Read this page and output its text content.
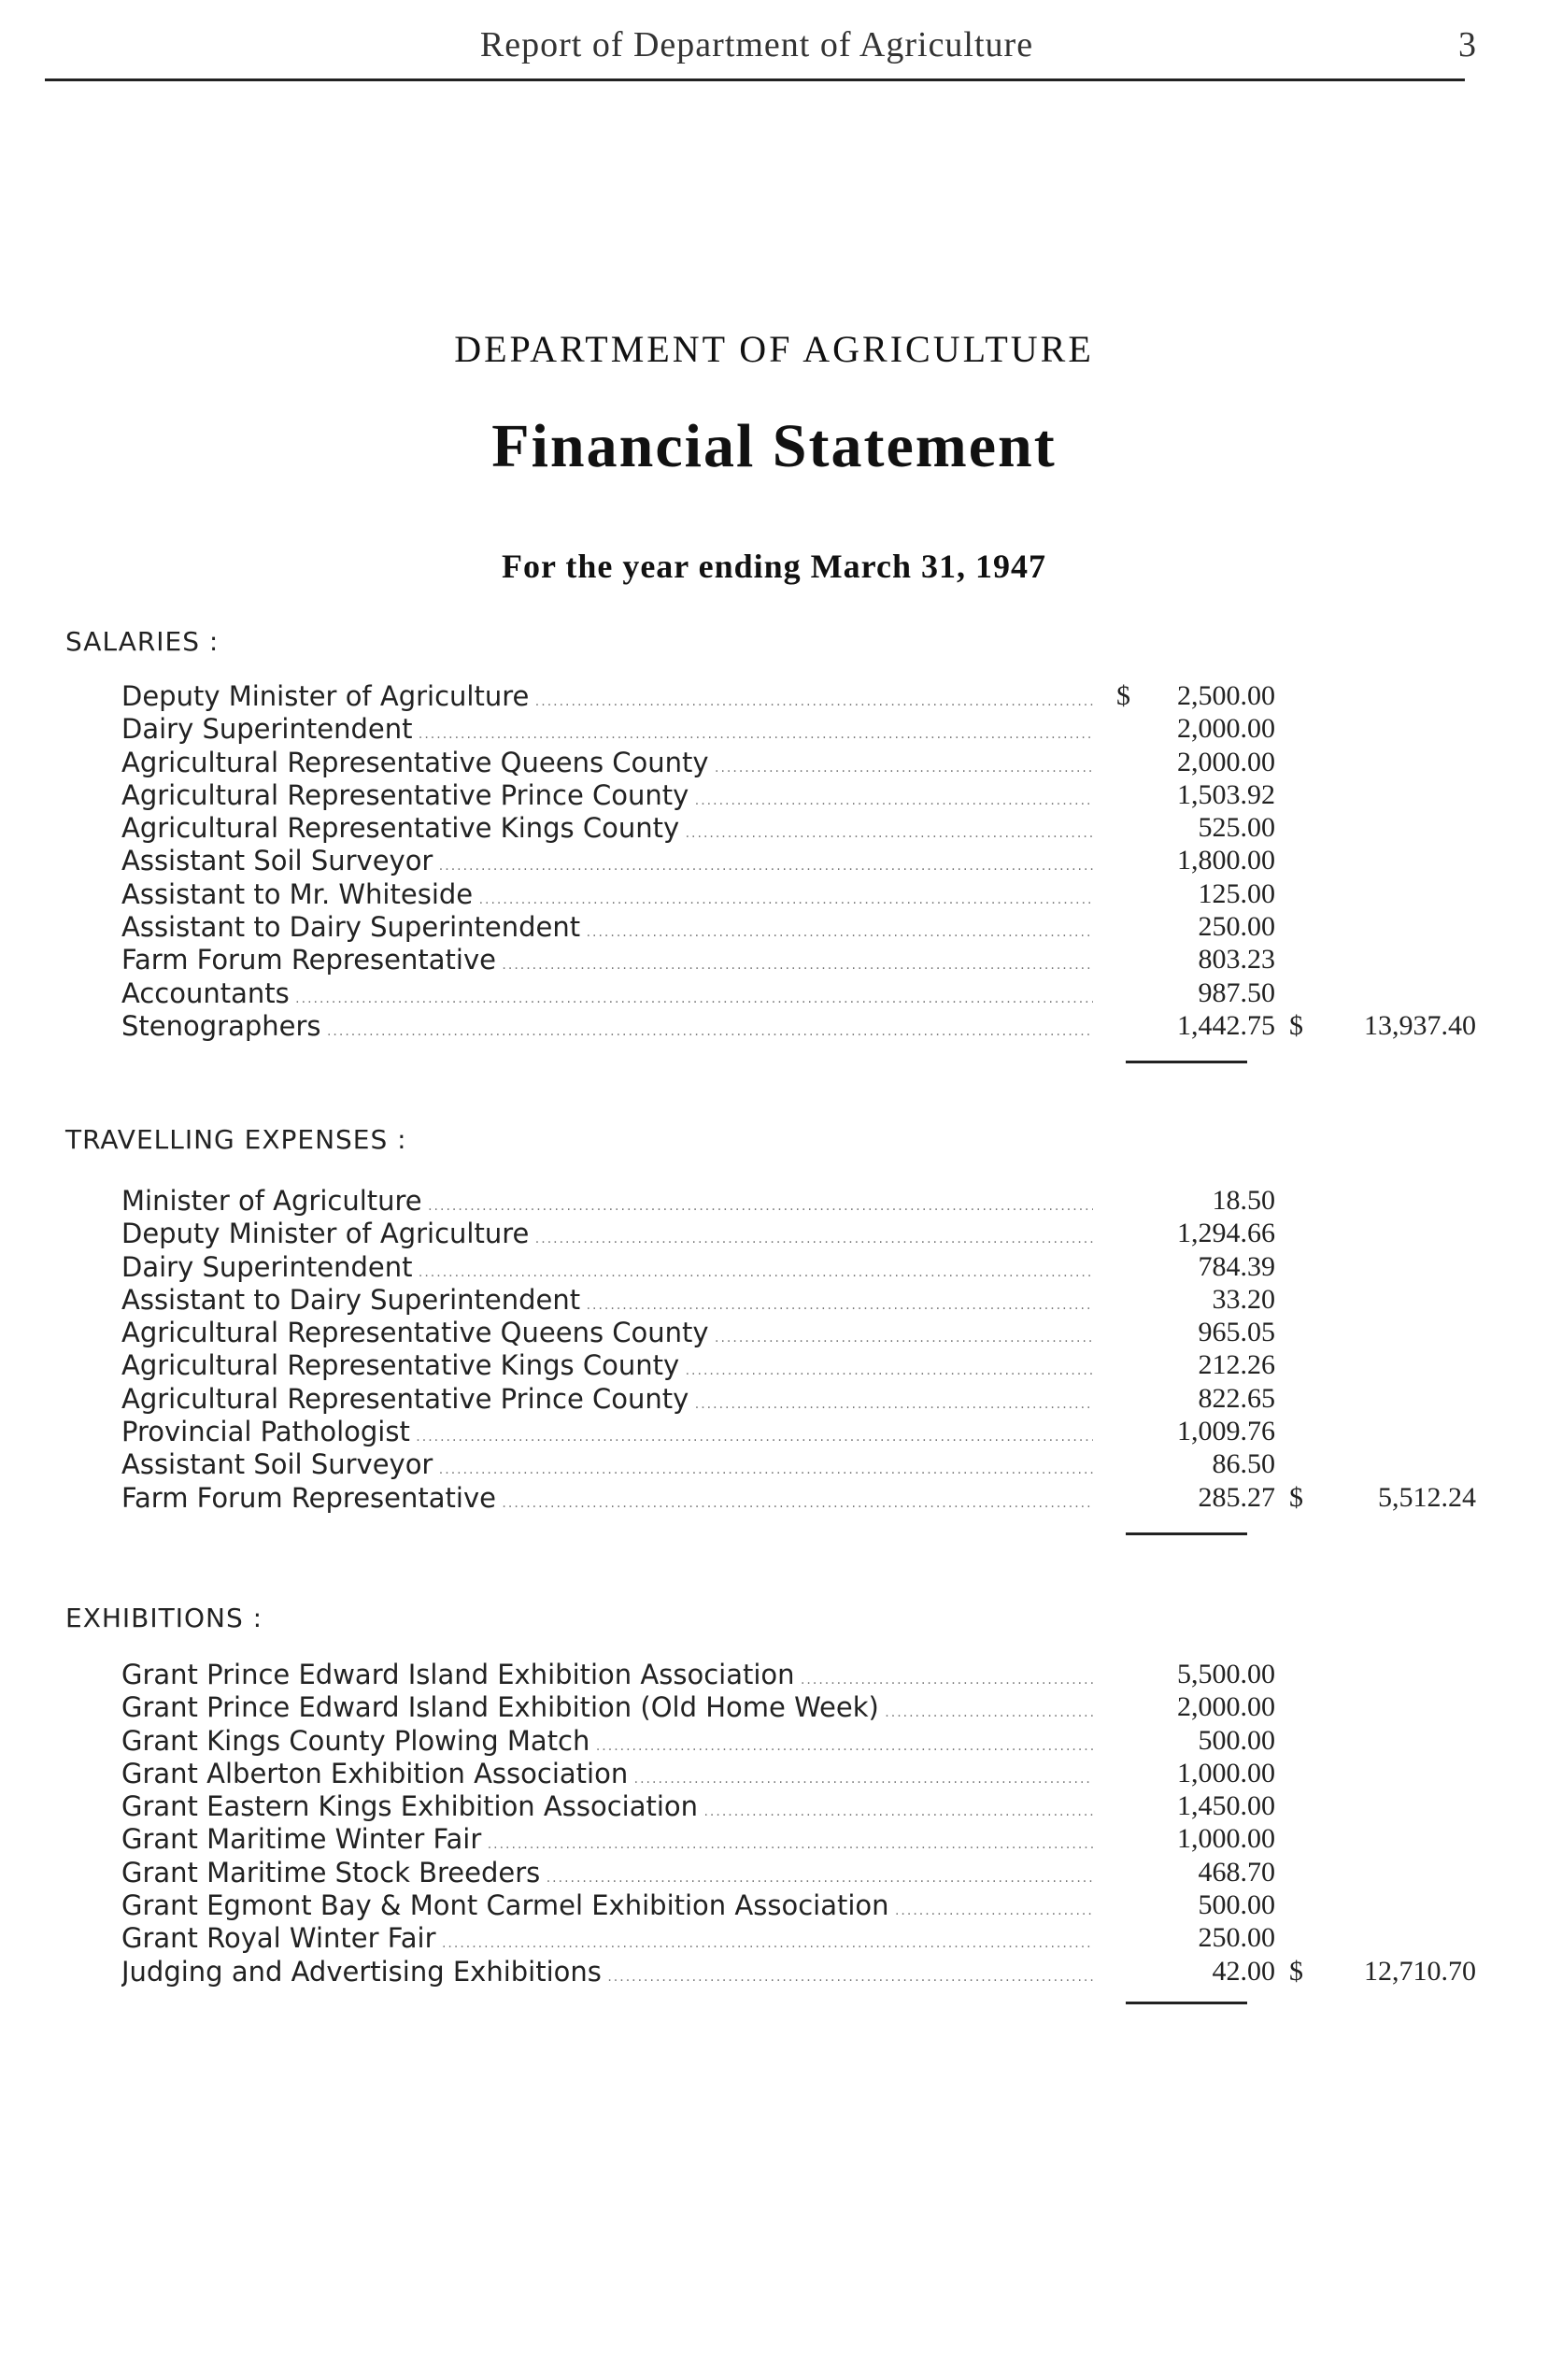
Report of Department of Agriculture	3
DEPARTMENT OF AGRICULTURE
Financial Statement
For the year ending March 31, 1947
SALARIES :
Deputy Minister of Agriculture .....	$	2,500.00
Dairy Superintendent .....	2,000.00
Agricultural Representative Queens County .....	2,000.00
Agricultural Representative Prince County .....	1,503.92
Agricultural Representative Kings County .....	525.00
Assistant Soil Surveyor .....	1,800.00
Assistant to Mr. Whiteside .....	125.00
Assistant to Dairy Superintendent .....	250.00
Farm Forum Representative .....	803.23
Accountants .....	987.50
Stenographers .....	1,442.75 $ 13,937.40
TRAVELLING EXPENSES :
Minister of Agriculture .....	18.50
Deputy Minister of Agriculture .....	1,294.66
Dairy Superintendent .....	784.39
Assistant to Dairy Superintendent .....	33.20
Agricultural Representative Queens County .....	965.05
Agricultural Representative Kings County .....	212.26
Agricultural Representative Prince County .....	822.65
Provincial Pathologist .....	1,009.76
Assistant Soil Surveyor .....	86.50
Farm Forum Representative .....	285.27 $	5,512.24
EXHIBITIONS :
Grant Prince Edward Island Exhibition Association .....	5,500.00
Grant Prince Edward Island Exhibition (Old Home Week) .....	2,000.00
Grant Kings County Plowing Match .....	500.00
Grant Alberton Exhibition Association .....	1,000.00
Grant Eastern Kings Exhibition Association .....	1,450.00
Grant Maritime Winter Fair .....	1,000.00
Grant Maritime Stock Breeders .....	468.70
Grant Egmont Bay & Mont Carmel Exhibition Association .....	500.00
Grant Royal Winter Fair .....	250.00
Judging and Advertising Exhibitions .....	42.00 $ 12,710.70
